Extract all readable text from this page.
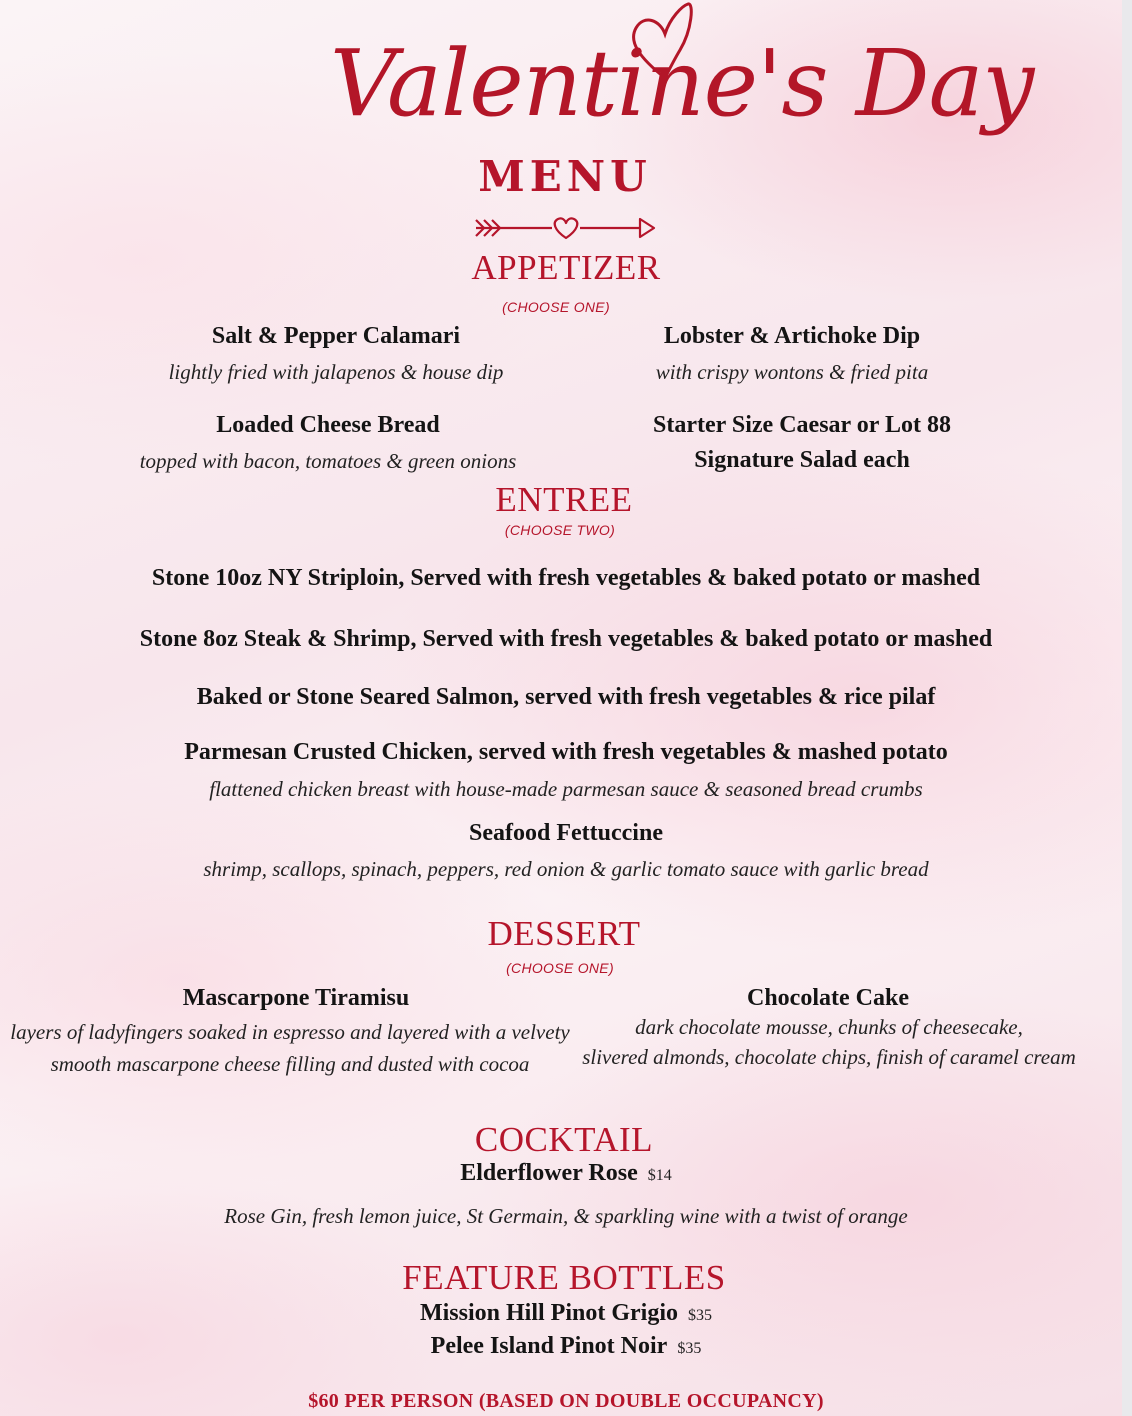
Valentine's Day
MENU
APPETIZER
(CHOOSE ONE)
Salt & Pepper Calamari
lightly fried with jalapenos & house dip
Lobster & Artichoke Dip
with crispy wontons & fried pita
Loaded Cheese Bread
topped with bacon, tomatoes & green onions
Starter Size Caesar or Lot 88
Signature Salad each
ENTREE
(CHOOSE TWO)
Stone 10oz NY Striploin, Served with fresh vegetables & baked potato or mashed
Stone 8oz Steak & Shrimp, Served with fresh vegetables & baked potato or mashed
Baked or Stone Seared Salmon, served with fresh vegetables & rice pilaf
Parmesan Crusted Chicken, served with fresh vegetables & mashed potato
flattened chicken breast with house-made parmesan sauce & seasoned bread crumbs
Seafood Fettuccine
shrimp, scallops, spinach, peppers, red onion & garlic tomato sauce with garlic bread
DESSERT
(CHOOSE ONE)
Mascarpone Tiramisu
layers of ladyfingers soaked in espresso and layered with a velvety
smooth mascarpone cheese filling and dusted with cocoa
Chocolate Cake
dark chocolate mousse, chunks of cheesecake,
slivered almonds, chocolate chips, finish of caramel cream
COCKTAIL
Elderflower Rose $14
Rose Gin, fresh lemon juice, St Germain, & sparkling wine with a twist of orange
FEATURE BOTTLES
Mission Hill Pinot Grigio $35
Pelee Island Pinot Noir $35
$60 PER PERSON (BASED ON DOUBLE OCCUPANCY)
